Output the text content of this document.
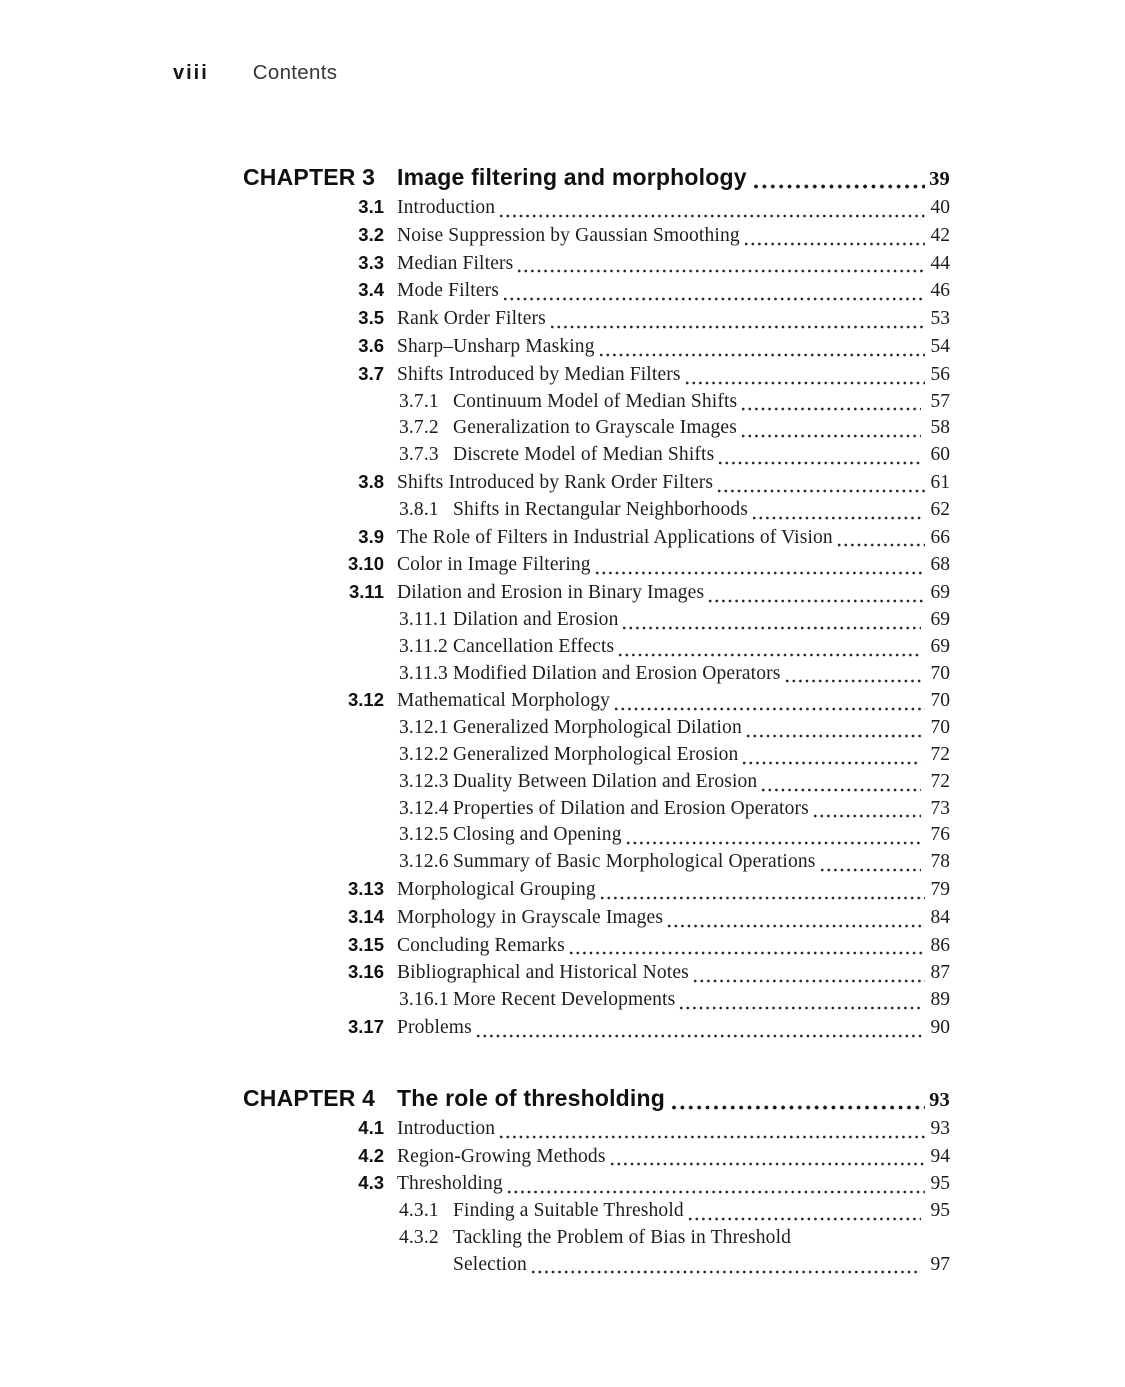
viii Contents
CHAPTER 3 Image filtering and morphology	39
3.1 Introduction	40
3.2 Noise Suppression by Gaussian Smoothing	42
3.3 Median Filters	44
3.4 Mode Filters	46
3.5 Rank Order Filters	53
3.6 Sharp–Unsharp Masking	54
3.7 Shifts Introduced by Median Filters	56
3.7.1 Continuum Model of Median Shifts	57
3.7.2 Generalization to Grayscale Images	58
3.7.3 Discrete Model of Median Shifts	60
3.8 Shifts Introduced by Rank Order Filters	61
3.8.1 Shifts in Rectangular Neighborhoods	62
3.9 The Role of Filters in Industrial Applications of Vision	66
3.10 Color in Image Filtering	68
3.11 Dilation and Erosion in Binary Images	69
3.11.1 Dilation and Erosion	69
3.11.2 Cancellation Effects	69
3.11.3 Modified Dilation and Erosion Operators	70
3.12 Mathematical Morphology	70
3.12.1 Generalized Morphological Dilation	70
3.12.2 Generalized Morphological Erosion	72
3.12.3 Duality Between Dilation and Erosion	72
3.12.4 Properties of Dilation and Erosion Operators	73
3.12.5 Closing and Opening	76
3.12.6 Summary of Basic Morphological Operations	78
3.13 Morphological Grouping	79
3.14 Morphology in Grayscale Images	84
3.15 Concluding Remarks	86
3.16 Bibliographical and Historical Notes	87
3.16.1 More Recent Developments	89
3.17 Problems	90
CHAPTER 4 The role of thresholding	93
4.1 Introduction	93
4.2 Region-Growing Methods	94
4.3 Thresholding	95
4.3.1 Finding a Suitable Threshold	95
4.3.2 Tackling the Problem of Bias in Threshold
Selection	97
